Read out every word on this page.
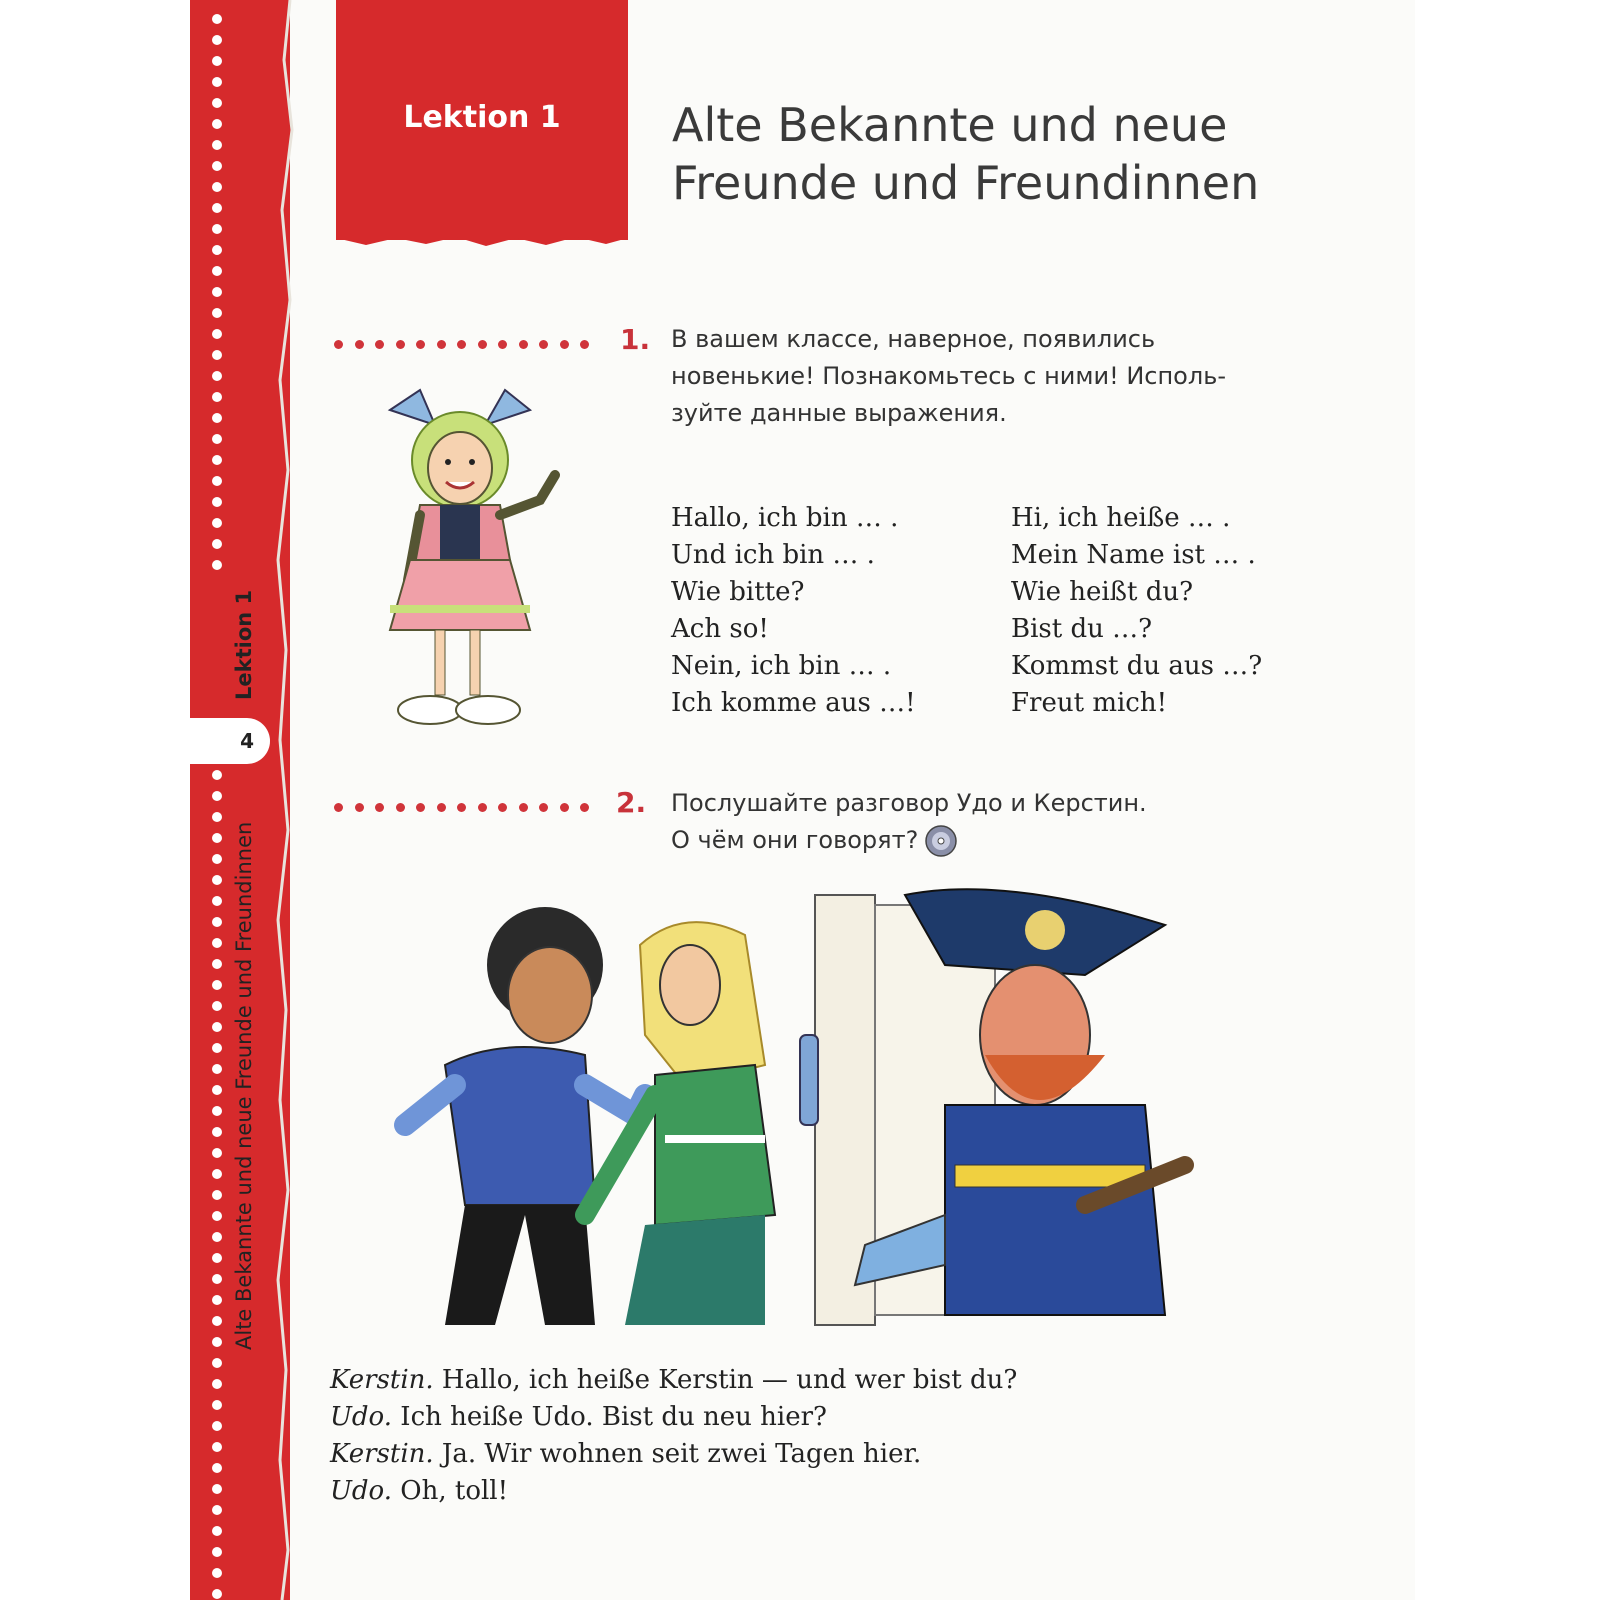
Lektion 1
4
Alte Bekannte und neue Freunde und Freundinnen
Lektion 1 Alte Bekannte und neue
Freunde und Freundinnen
1. В вашем классе, наверное, появились
новенькие! Познакомьтесь с ними! Исполь-
зуйте данные выражения.
Hallo, ich bin … .
Und ich bin … .
Wie bitte?
Ach so!
Nein, ich bin … .
Ich komme aus …!
Hi, ich heiße … .
Mein Name ist … .
Wie heißt du?
Bist du …?
Kommst du aus …?
Freut mich!
2. Послушайте разговор Удо и Керстин.
О чём они говорят?
Kerstin. Hallo, ich heiße Kerstin — und wer bist du?
Udo. Ich heiße Udo. Bist du neu hier?
Kerstin. Ja. Wir wohnen seit zwei Tagen hier.
Udo. Oh, toll!
